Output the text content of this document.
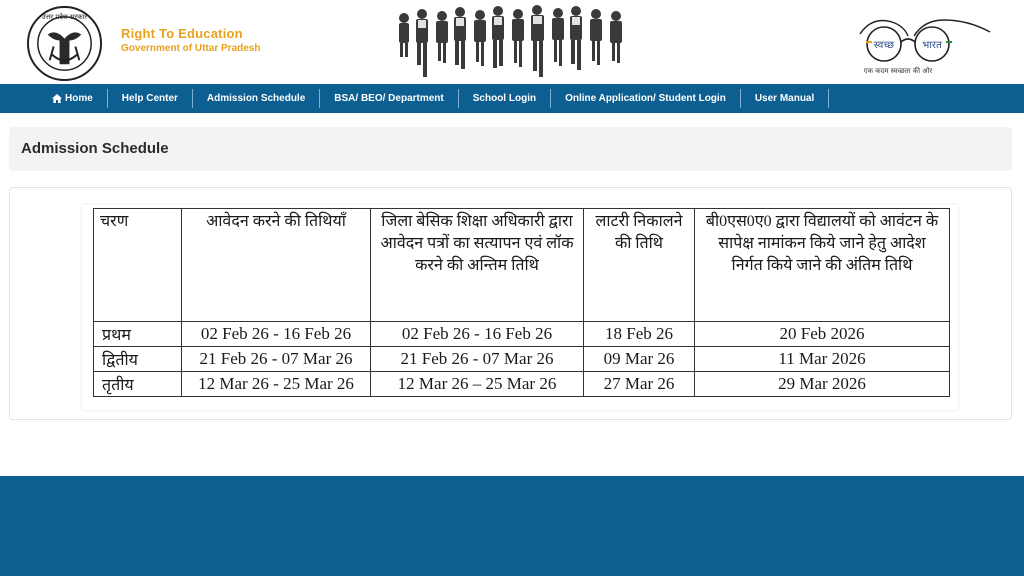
उत्तर प्रदेश सरकार
Right To Education
Government of Uttar Pradesh	स्वच्छ	भारत
एक कदम स्वच्छता की ओर
Home	Help Center	Admission Schedule	BSA/ BEO/ Department	School Login	Online Application/ Student Login	User Manual
Admission Schedule
चरण	आवेदन करने की तिथियाँ	जिला बेसिक शिक्षा अधिकारी द्वारा आवेदन पत्रों का सत्यापन एवं लॉक करने की अन्तिम तिथि	लाटरी निकालने की तिथि	बी0एस0ए0 द्वारा विद्यालयों को आवंटन के सापेक्ष नामांकन किये जाने हेतु आदेश निर्गत किये जाने की अंतिम तिथि
प्रथम	02 Feb 26 - 16 Feb 26	02 Feb 26 - 16 Feb 26	18 Feb 26	20 Feb 2026
द्वितीय	21 Feb 26 - 07 Mar 26	21 Feb 26 - 07 Mar 26	09 Mar 26	11 Mar 2026
तृतीय	12 Mar 26 - 25 Mar 26	12 Mar 26 – 25 Mar 26	27 Mar 26	29 Mar 2026
